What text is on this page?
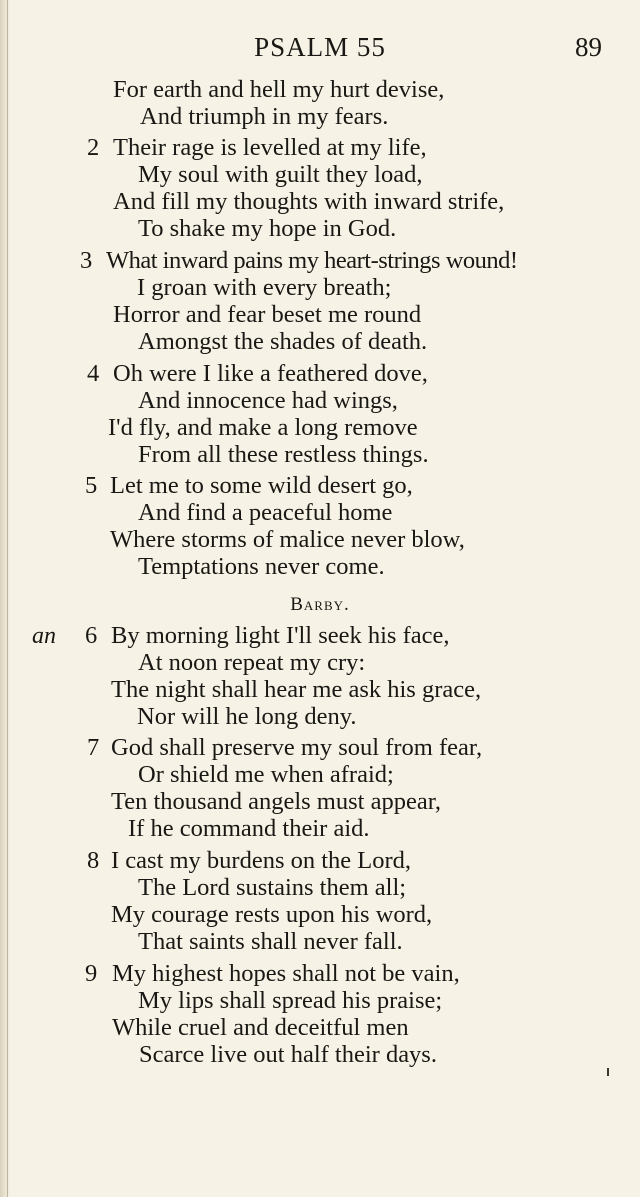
PSALM 55	89
For earth and hell my hurt devise,
And triumph in my fears.
2 Their rage is levelled at my life,
My soul with guilt they load,
And fill my thoughts with inward strife,
To shake my hope in God.
3 What inward pains my heart-strings wound!
I groan with every breath;
Horror and fear beset me round
Amongst the shades of death.
4 Oh were I like a feathered dove,
And innocence had wings,
I'd fly, and make a long remove
From all these restless things.
5 Let me to some wild desert go,
And find a peaceful home
Where storms of malice never blow,
Temptations never come.
Barby.
an 6 By morning light I'll seek his face,
At noon repeat my cry:
The night shall hear me ask his grace,
Nor will he long deny.
7 God shall preserve my soul from fear,
Or shield me when afraid;
Ten thousand angels must appear,
If he command their aid.
8 I cast my burdens on the Lord,
The Lord sustains them all;
My courage rests upon his word,
That saints shall never fall.
9 My highest hopes shall not be vain,
My lips shall spread his praise;
While cruel and deceitful men
Scarce live out half their days.
